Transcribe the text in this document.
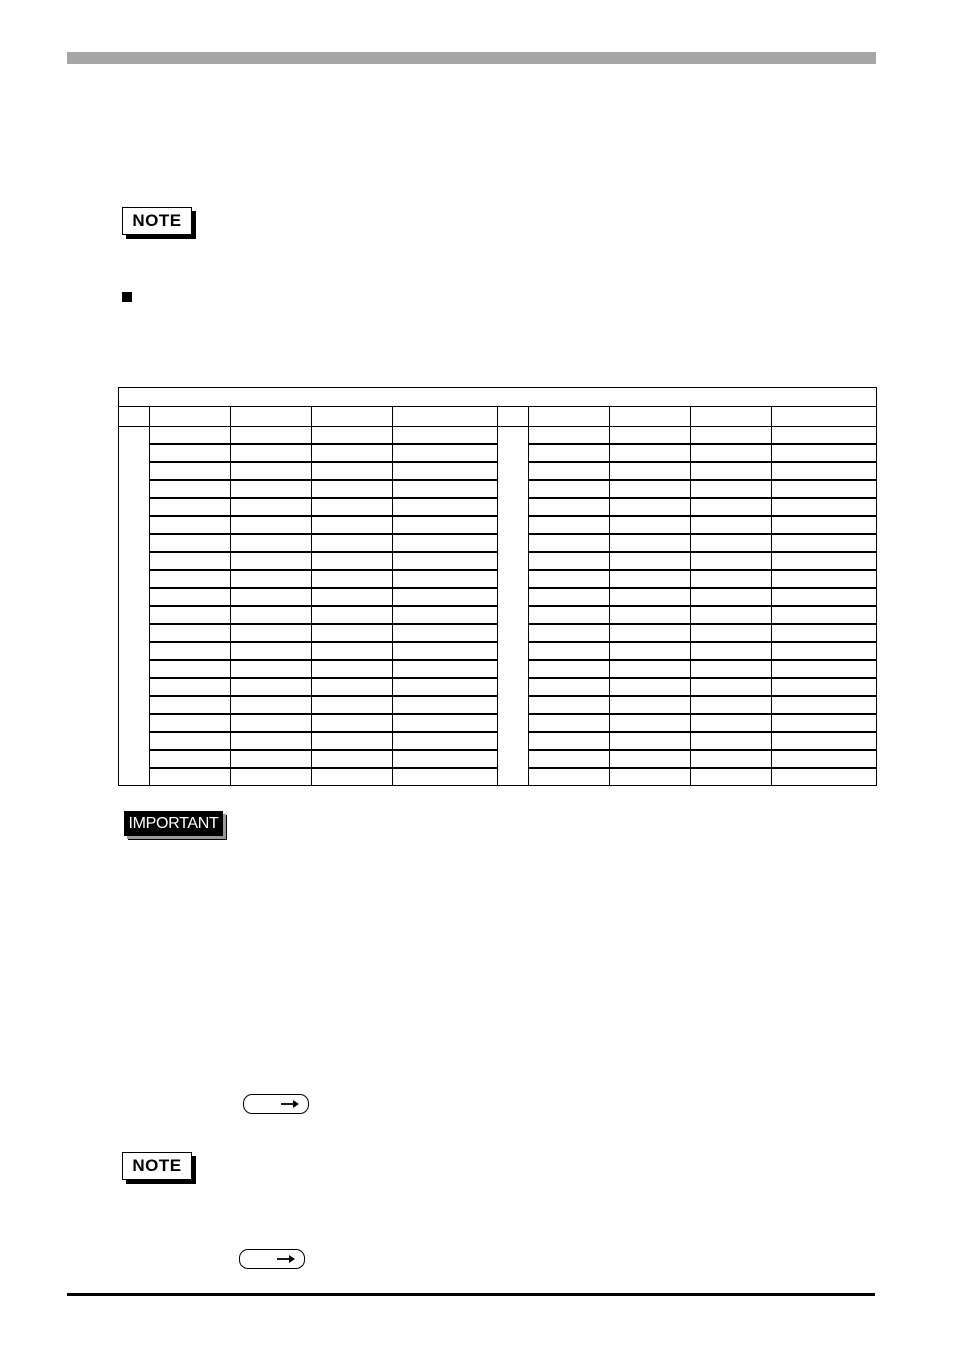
NOTE

IMPORTANT
NOTE
